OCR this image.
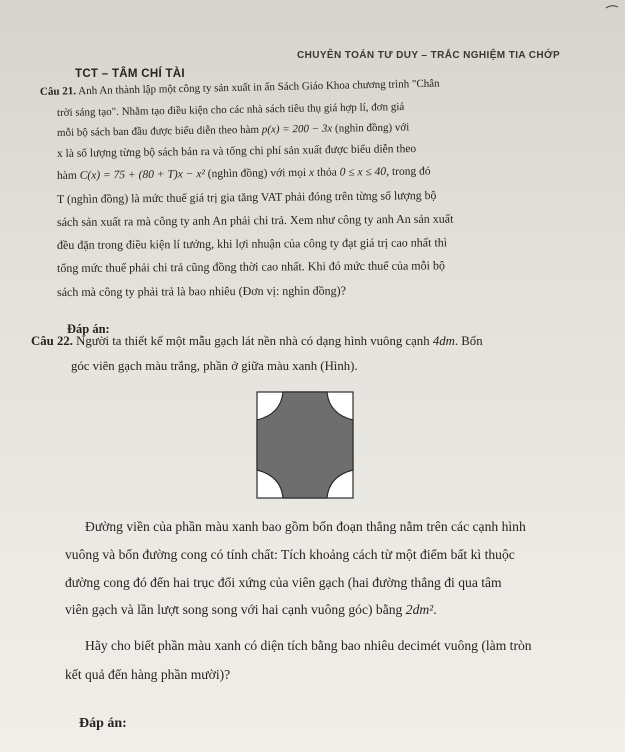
TCT – TÂM CHÍ TÀI
CHUYÊN TOÁN TƯ DUY – TRẮC NGHIỆM TIA CHỚP
Câu 21. Anh An thành lập một công ty sản xuất in ấn Sách Giáo Khoa chương trình "Chân
trời sáng tạo". Nhằm tạo điều kiện cho các nhà sách tiêu thụ giá hợp lí, đơn giá
mỗi bộ sách ban đầu được biểu diễn theo hàm p(x) = 200 − 3x (nghìn đồng) với
x là số lượng từng bộ sách bán ra và tổng chi phí sản xuất được biểu diễn theo
hàm C(x) = 75 + (80 + T)x − x² (nghìn đồng) với mọi x thỏa 0 ≤ x ≤ 40, trong đó
T (nghìn đồng) là mức thuế giá trị gia tăng VAT phải đóng trên từng số lượng bộ
sách sản xuất ra mà công ty anh An phải chi trả. Xem như công ty anh An sản xuất
đều đặn trong điều kiện lí tưởng, khi lợi nhuận của công ty đạt giá trị cao nhất thì
tổng mức thuế phải chi trả cũng đồng thời cao nhất. Khi đó mức thuế của mỗi bộ
sách mà công ty phải trả là bao nhiêu (Đơn vị: nghìn đồng)?
Đáp án:
Câu 22. Người ta thiết kế một mẫu gạch lát nền nhà có dạng hình vuông cạnh 4dm. Bốn
góc viên gạch màu trắng, phần ở giữa màu xanh (Hình).
Đường viền của phần màu xanh bao gồm bốn đoạn thẳng nằm trên các cạnh hình
vuông và bốn đường cong có tính chất: Tích khoảng cách từ một điểm bất kì thuộc
đường cong đó đến hai trục đối xứng của viên gạch (hai đường thẳng đi qua tâm
viên gạch và lần lượt song song với hai cạnh vuông góc) bằng 2dm².
Hãy cho biết phần màu xanh có diện tích bằng bao nhiêu decimét vuông (làm tròn
kết quả đến hàng phần mười)?
Đáp án:
